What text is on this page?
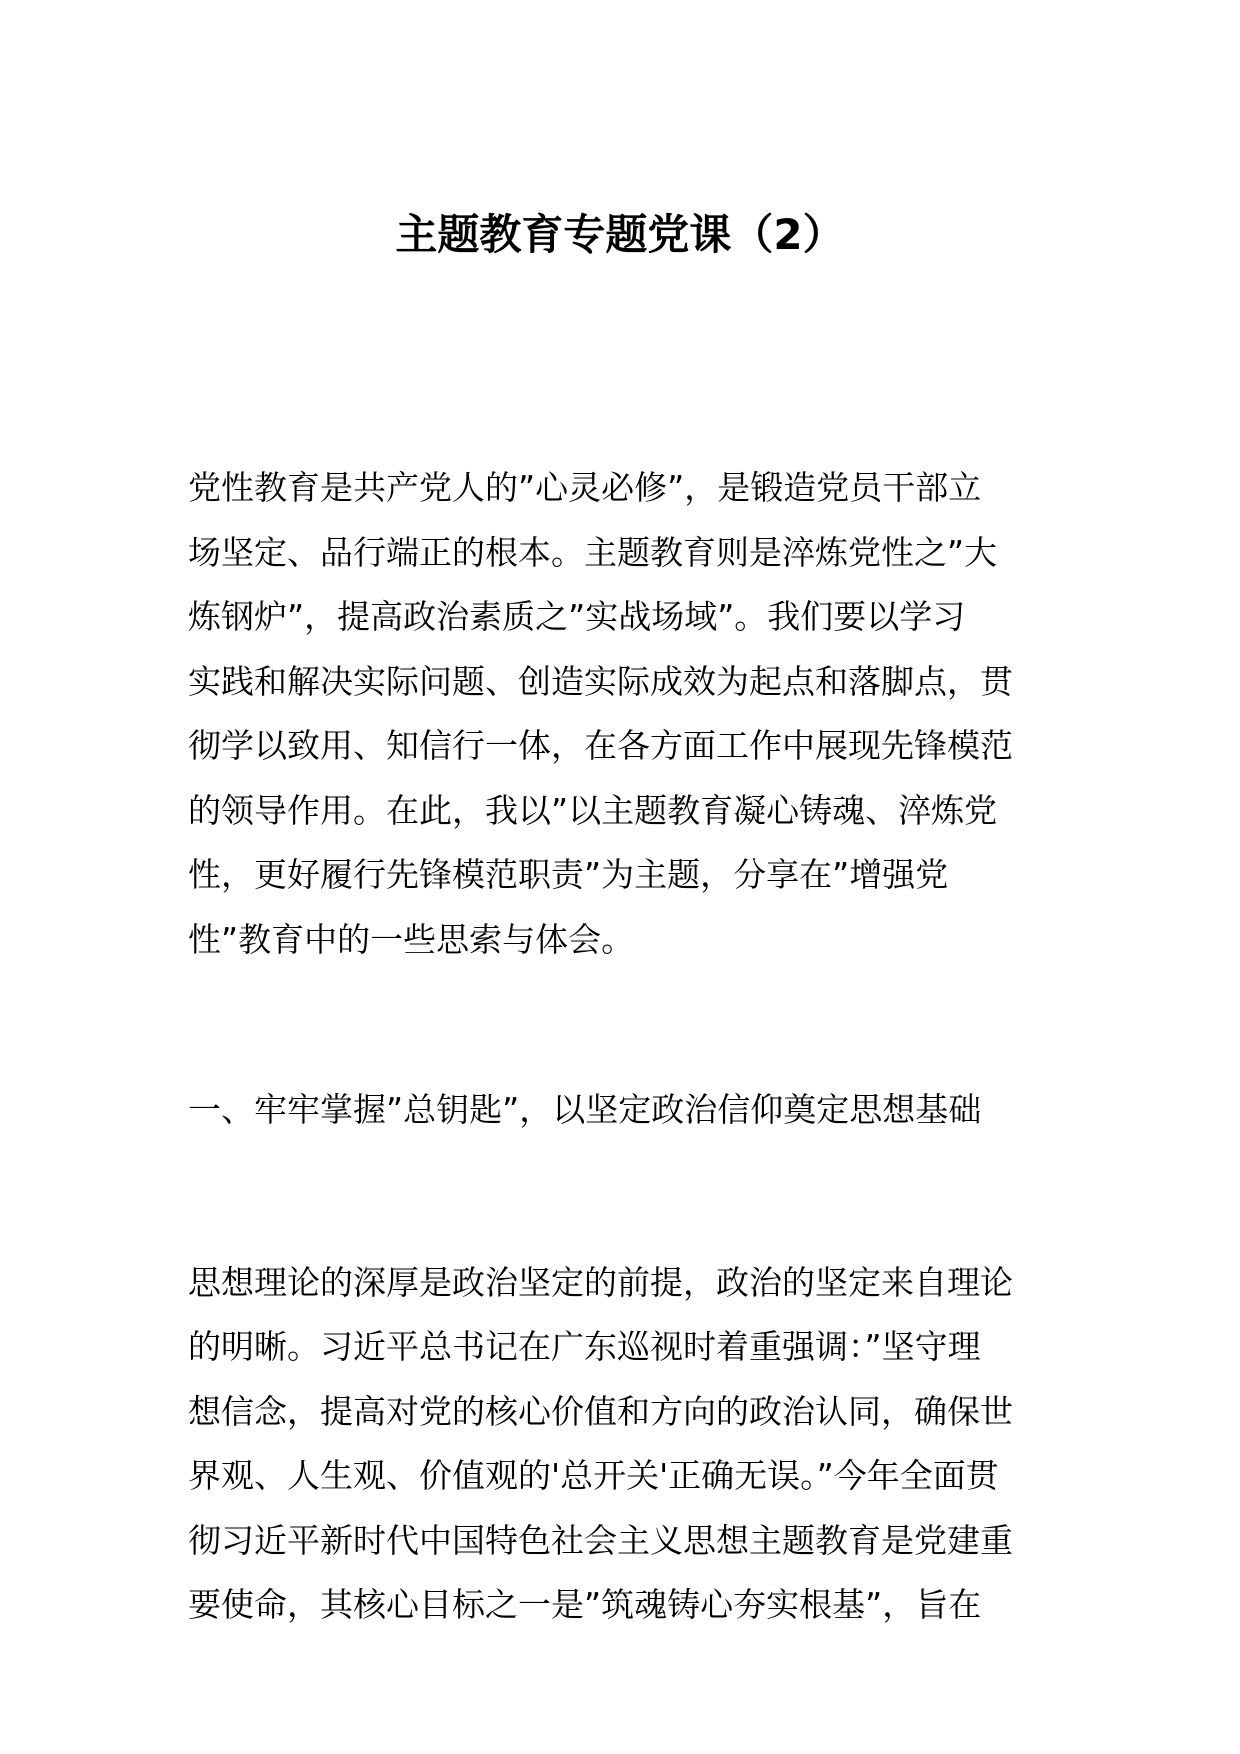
主题教育专题党课（2）
党性教育是共产党人的”心灵必修”，是锻造党员干部立
场坚定、品行端正的根本。主题教育则是淬炼党性之”大
炼钢炉”，提高政治素质之”实战场域”。我们要以学习
实践和解决实际问题、创造实际成效为起点和落脚点，贯
彻学以致用、知信行一体，在各方面工作中展现先锋模范
的领导作用。在此，我以”以主题教育凝心铸魂、淬炼党
性，更好履行先锋模范职责”为主题，分享在”增强党
性”教育中的一些思索与体会。
一、牢牢掌握”总钥匙”，以坚定政治信仰奠定思想基础
思想理论的深厚是政治坚定的前提，政治的坚定来自理论
的明晰。习近平总书记在广东巡视时着重强调：”坚守理
想信念，提高对党的核心价值和方向的政治认同，确保世
界观、人生观、价值观的'总开关'正确无误。”今年全面贯
彻习近平新时代中国特色社会主义思想主题教育是党建重
要使命，其核心目标之一是”筑魂铸心夯实根基”，旨在
